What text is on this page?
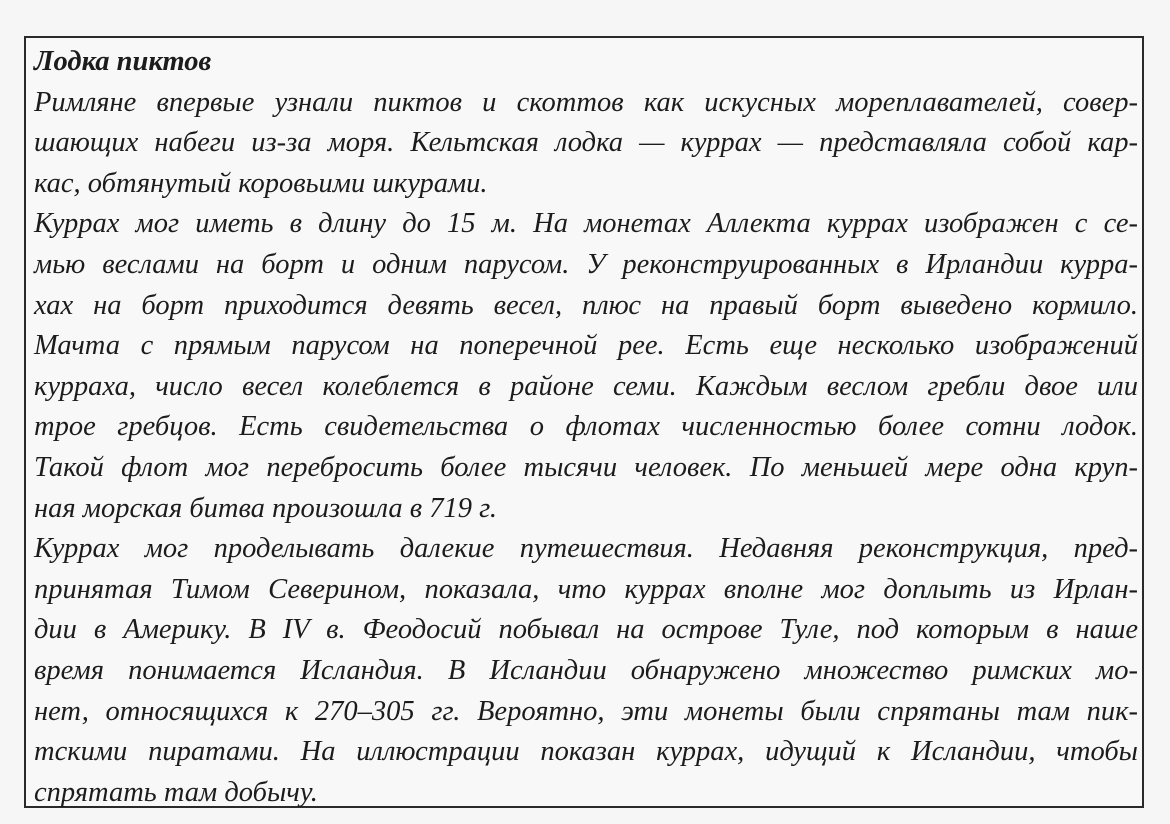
Лодка пиктов
Римляне впервые узнали пиктов и скоттов как искусных мореплавателей, совер-
шающих набеги из-за моря. Кельтская лодка — куррах — представляла собой кар-
кас, обтянутый коровьими шкурами.
Куррах мог иметь в длину до 15 м. На монетах Аллекта куррах изображен с се-
мью веслами на борт и одним парусом. У реконструированных в Ирландии курра-
хах на борт приходится девять весел, плюс на правый борт выведено кормило.
Мачта с прямым парусом на поперечной рее. Есть еще несколько изображений
курраха, число весел колеблется в районе семи. Каждым веслом гребли двое или
трое гребцов. Есть свидетельства о флотах численностью более сотни лодок.
Такой флот мог перебросить более тысячи человек. По меньшей мере одна круп-
ная морская битва произошла в 719 г.
Куррах мог проделывать далекие путешествия. Недавняя реконструкция, пред-
принятая Тимом Северином, показала, что куррах вполне мог доплыть из Ирлан-
дии в Америку. В IV в. Феодосий побывал на острове Туле, под которым в наше
время понимается Исландия. В Исландии обнаружено множество римских мо-
нет, относящихся к 270–305 гг. Вероятно, эти монеты были спрятаны там пик-
тскими пиратами. На иллюстрации показан куррах, идущий к Исландии, чтобы
спрятать там добычу.
